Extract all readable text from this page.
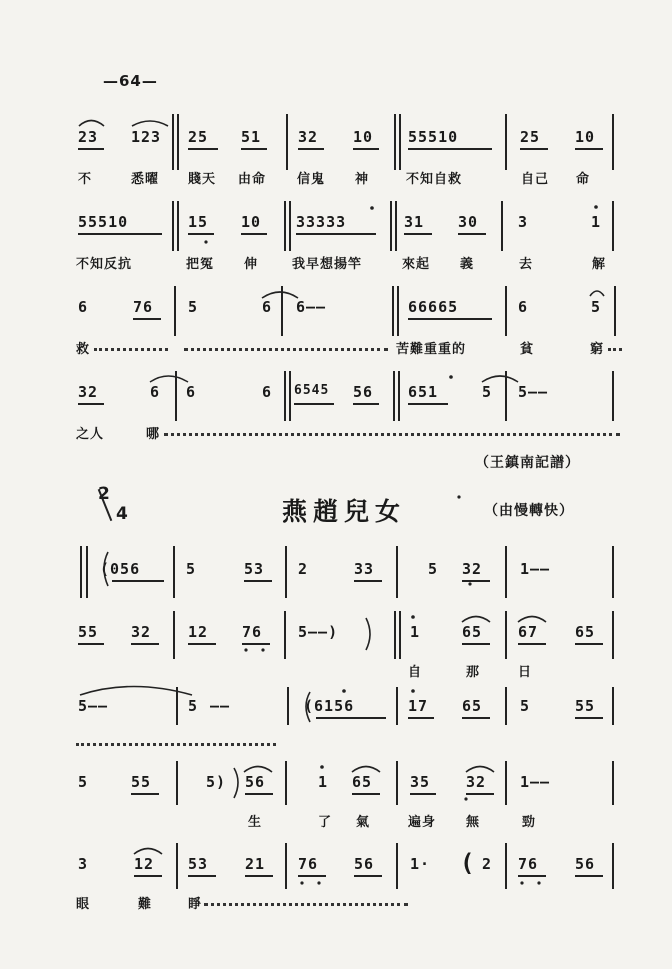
—64—
23 123 25 51 32 10 55510	25 10
不	悉曜 賤天 由命 信鬼 神	不知自救	自己 命
55510	15 10 33333	31 30	3	1
不知反抗	把冤 伸	我早想揚竿	來起 義	去	解
6	76 5	6 6——	66665	6	5
救	苦難重重的	貧	窮
32	6 6	6 6545 56 651	5 5——
之人	哪
（王鎮南記譜）
2
4	燕趙兒女	（由慢轉快）
(056	5	53 2	33	5 32	1——
55 32 12 76 5——)	1	65 67 65
自	那	日
5——	5 ——	(6156	17 65	5	55
5	55	5) 56	1 65	35 32 1——
生	了 氣	遍身 無	勁
3	12 53 21 76 56 1· ( 2 76 56
眼	難	睜
